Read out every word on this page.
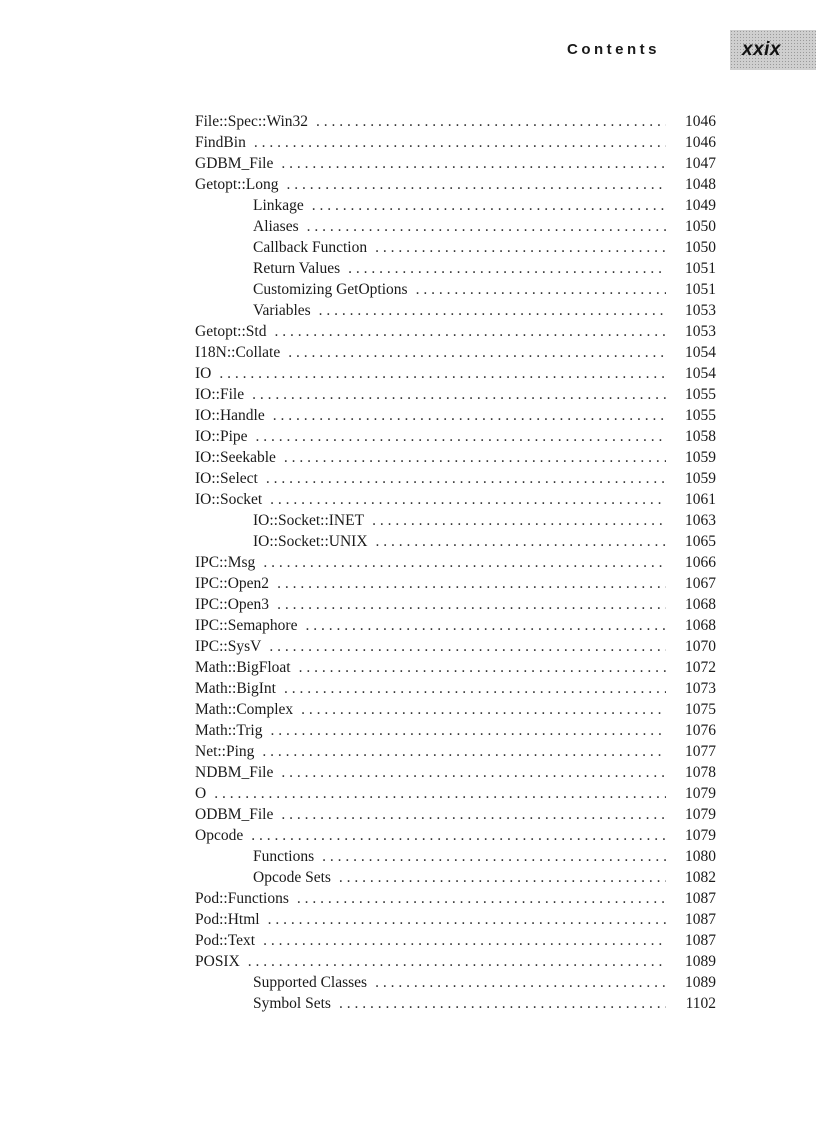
Contents	xxix
File::Spec::Win32 . . .	1046
FindBin . . .	1046
GDBM_File . . .	1047
Getopt::Long . . .	1048
Linkage . . .	1049
Aliases . . .	1050
Callback Function . . .	1050
Return Values . . .	1051
Customizing GetOptions . . .	1051
Variables . . .	1053
Getopt::Std . . .	1053
I18N::Collate . . .	1054
IO . . .	1054
IO::File . . .	1055
IO::Handle . . .	1055
IO::Pipe . . .	1058
IO::Seekable . . .	1059
IO::Select . . .	1059
IO::Socket . . .	1061
IO::Socket::INET . . .	1063
IO::Socket::UNIX . . .	1065
IPC::Msg . . .	1066
IPC::Open2 . . .	1067
IPC::Open3 . . .	1068
IPC::Semaphore . . .	1068
IPC::SysV . . .	1070
Math::BigFloat . . .	1072
Math::BigInt . . .	1073
Math::Complex . . .	1075
Math::Trig . . .	1076
Net::Ping . . .	1077
NDBM_File . . .	1078
O . . .	1079
ODBM_File . . .	1079
Opcode . . .	1079
Functions . . .	1080
Opcode Sets . . .	1082
Pod::Functions . . .	1087
Pod::Html . . .	1087
Pod::Text . . .	1087
POSIX . . .	1089
Supported Classes . . .	1089
Symbol Sets . . .	1102
